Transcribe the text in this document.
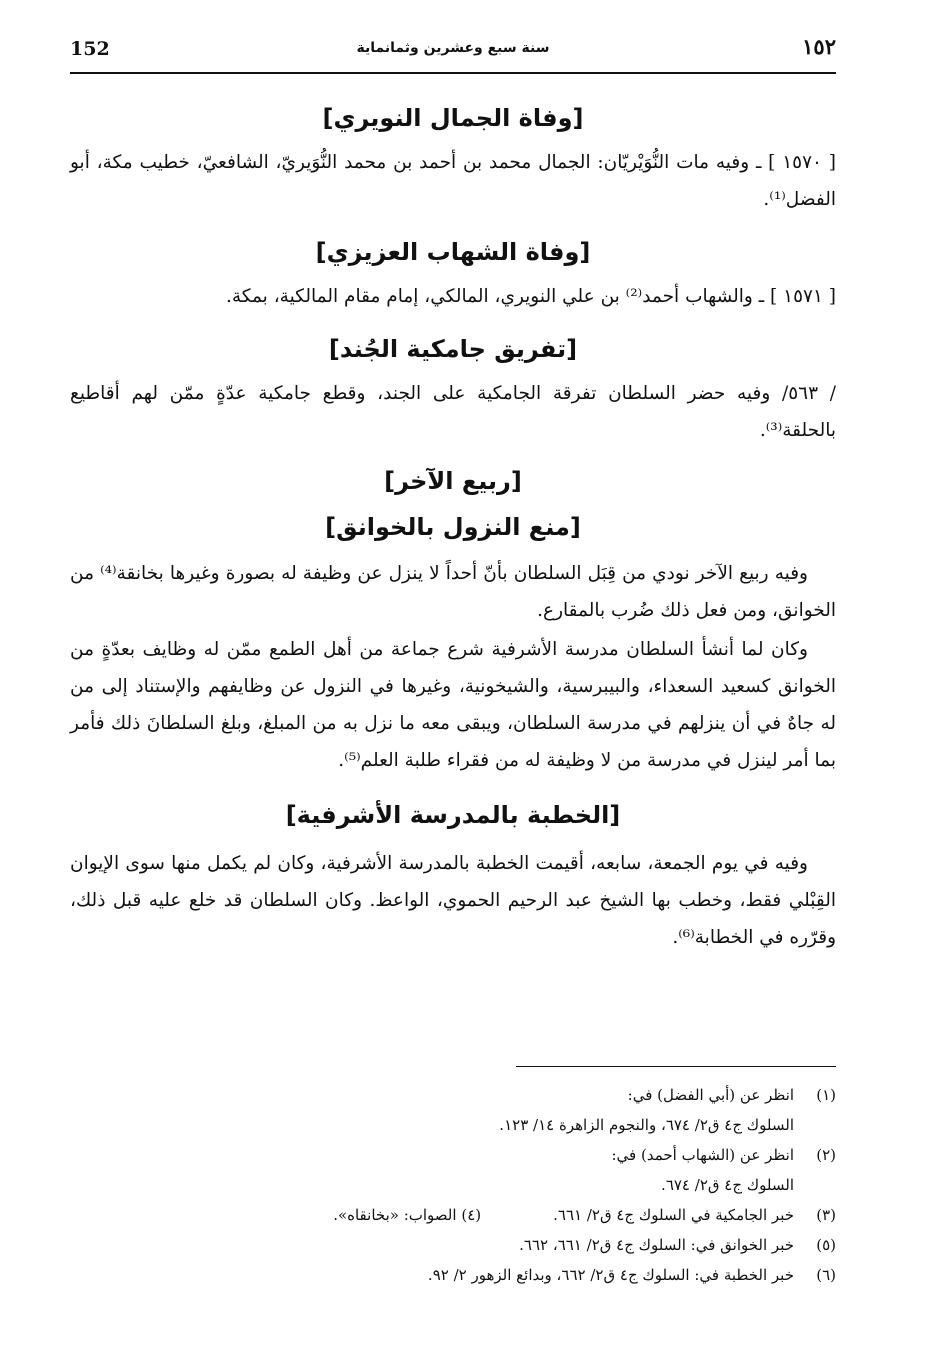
152	سنة سبع وعشرين وثمانماية	١٥٢
[وفاة الجمال النويري]

[ ١٥٧٠ ] ـ وفيه مات النُّوَيْريّان: الجمال محمد بن أحمد بن محمد النُّوَيريّ، الشافعيّ، خطيب مكة، أبو الفضل⁽¹⁾.

[وفاة الشهاب العزيزي]

[ ١٥٧١ ] ـ والشهاب أحمد⁽²⁾ بن علي النويري، المالكي، إمام مقام المالكية، بمكة.

[تفريق جامكية الجُند]

/ ٥٦٣/ وفيه حضر السلطان تفرقة الجامكية على الجند، وقطع جامكية عدّةٍ ممّن لهم أقاطيع بالحلقة⁽³⁾.

[ربيع الآخر]
[منع النزول بالخوانق]

وفيه ربيع الآخر نودي من قِبَل السلطان بأنّ أحداً لا ينزل عن وظيفة له بصورة وغيرها بخانقة⁽⁴⁾ من الخوانق، ومن فعل ذلك ضُرب بالمقارع.

وكان لما أنشأ السلطان مدرسة الأشرفية شرع جماعة من أهل الطمع ممّن له وظايف بعدّةٍ من الخوانق كسعيد السعداء، والبيبرسية، والشيخونية، وغيرها في النزول عن وظايفهم والإستناد إلى من له جاهٌ في أن ينزلهم في مدرسة السلطان، ويبقى معه ما نزل به من المبلغ، وبلغ السلطانَ ذلك فأمر بما أمر لينزل في مدرسة من لا وظيفة له من فقراء طلبة العلم⁽⁵⁾.

[الخطبة بالمدرسة الأشرفية]

وفيه في يوم الجمعة، سابعه، أقيمت الخطبة بالمدرسة الأشرفية، وكان لم يكمل منها سوى الإيوان القِبْلي فقط، وخطب بها الشيخ عبد الرحيم الحموي، الواعظ. وكان السلطان قد خلع عليه قبل ذلك، وقرّره في الخطابة⁽⁶⁾.

(١)انظر عن (أبي الفضل) في:

السلوك ج٤ ق٢/ ٦٧٤، والنجوم الزاهرة ١٤/ ١٢٣.

(٢)انظر عن (الشهاب أحمد) في:

السلوك ج٤ ق٢/ ٦٧٤.

(٣)خبر الجامكية في السلوك ج٤ ق٢/ ٦٦١.(٤) الصواب: «بخانقاه».

(٥)خبر الخوانق في: السلوك ج٤ ق٢/ ٦٦١، ٦٦٢.

(٦)خبر الخطبة في: السلوك ج٤ ق٢/ ٦٦٢، وبدائع الزهور ٢/ ٩٢.
